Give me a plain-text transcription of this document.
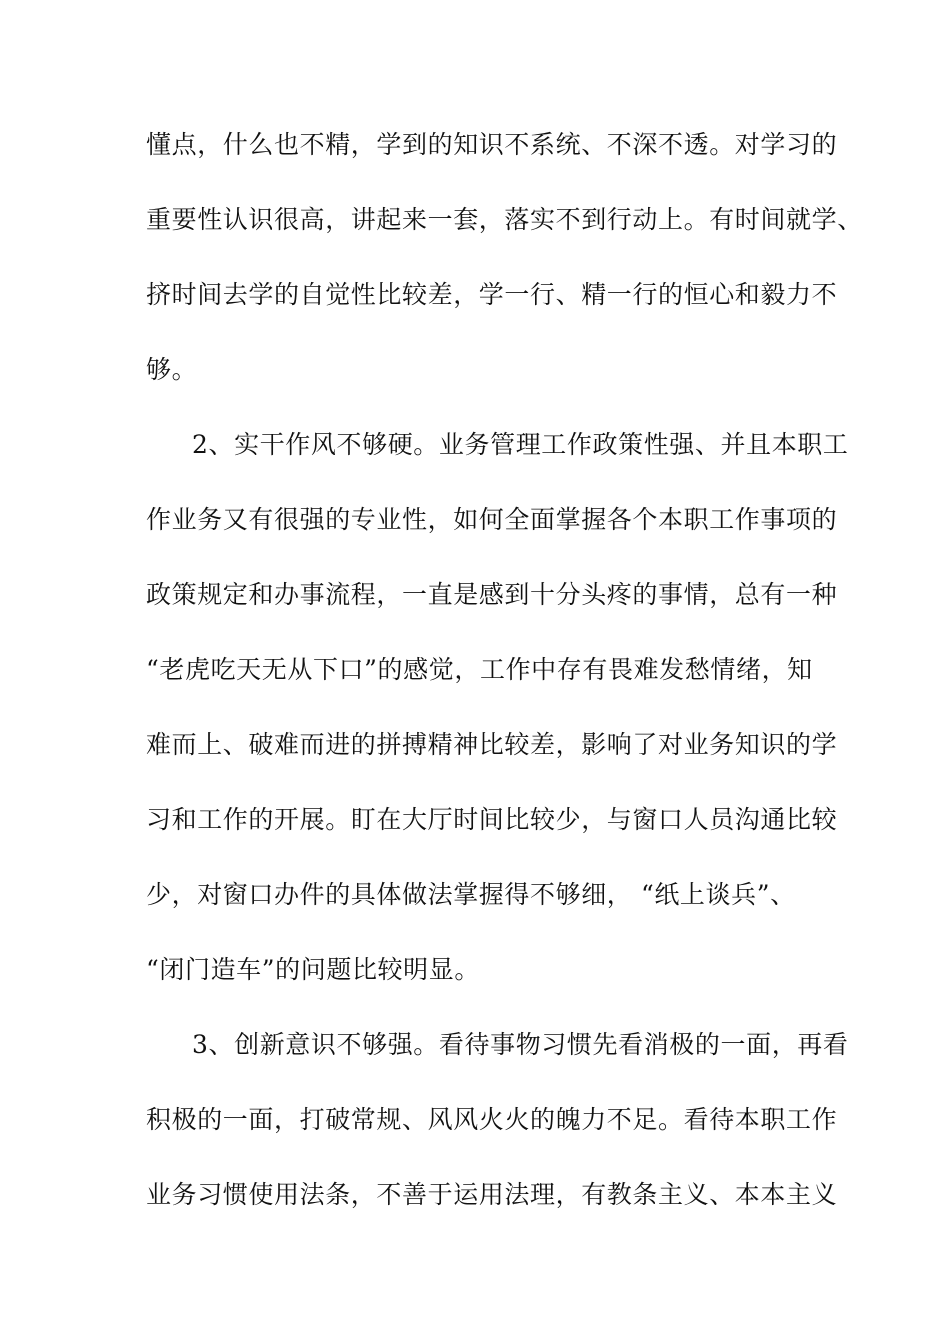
懂点，什么也不精，学到的知识不系统、不深不透。对学习的
重要性认识很高，讲起来一套，落实不到行动上。有时间就学、
挤时间去学的自觉性比较差，学一行、精一行的恒心和毅力不
够。
2、实干作风不够硬。业务管理工作政策性强、并且本职工
作业务又有很强的专业性，如何全面掌握各个本职工作事项的
政策规定和办事流程，一直是感到十分头疼的事情，总有一种
“老虎吃天无从下口”的感觉，工作中存有畏难发愁情绪，知
难而上、破难而进的拼搏精神比较差，影响了对业务知识的学
习和工作的开展。盯在大厅时间比较少，与窗口人员沟通比较
少，对窗口办件的具体做法掌握得不够细， “纸上谈兵”、
“闭门造车”的问题比较明显。
3、创新意识不够强。看待事物习惯先看消极的一面，再看
积极的一面，打破常规、风风火火的魄力不足。看待本职工作
业务习惯使用法条，不善于运用法理，有教条主义、本本主义
